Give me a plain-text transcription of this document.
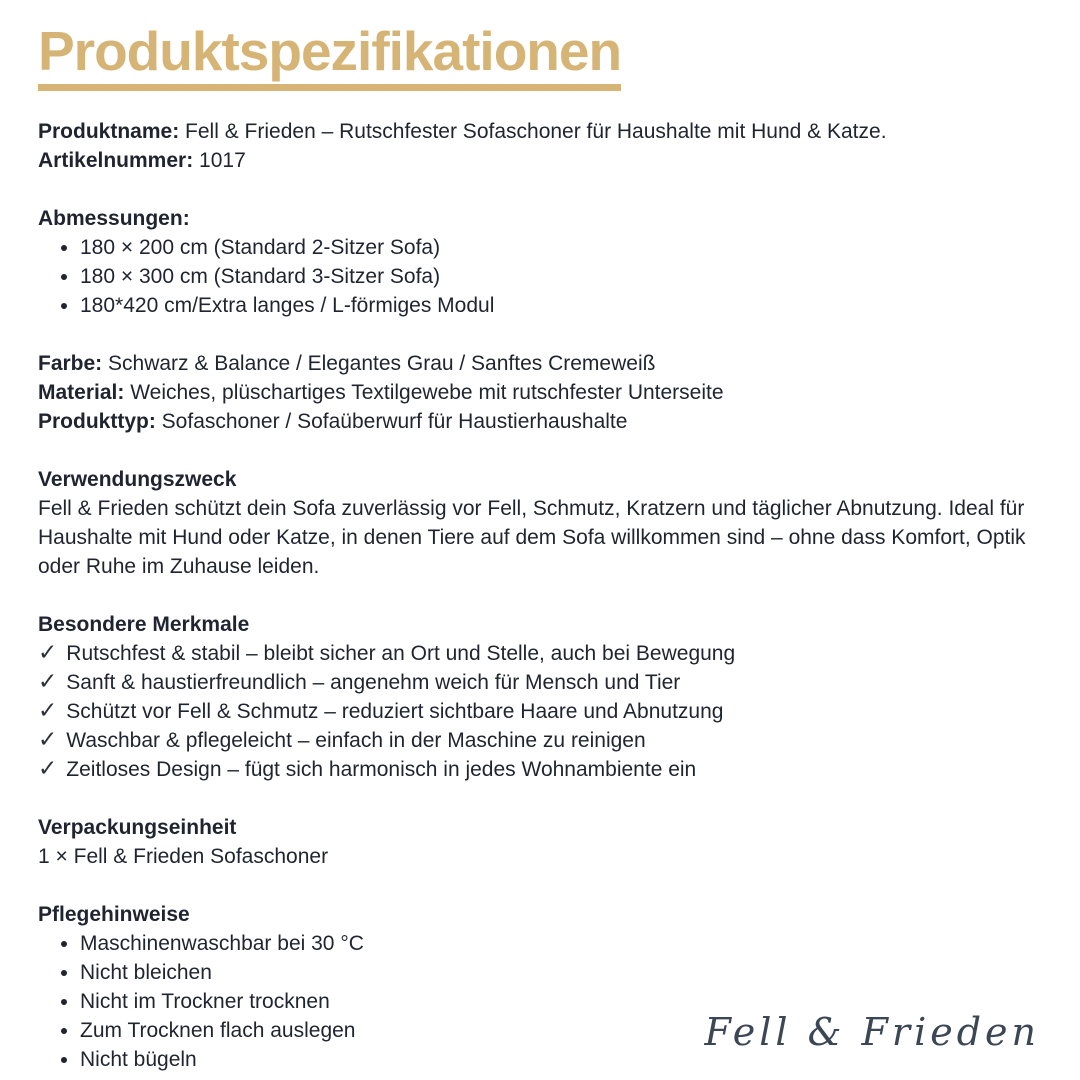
Produktspezifikationen
Produktname: Fell & Frieden – Rutschfester Sofaschoner für Haushalte mit Hund & Katze.
Artikelnummer: 1017
Abmessungen:
• 180 × 200 cm (Standard 2-Sitzer Sofa)
• 180 × 300 cm (Standard 3-Sitzer Sofa)
• 180*420 cm/Extra langes / L-förmiges Modul
Farbe: Schwarz & Balance / Elegantes Grau / Sanftes Cremeweiß
Material: Weiches, plüschartiges Textilgewebe mit rutschfester Unterseite
Produkttyp: Sofaschoner / Sofaüberwurf für Haustierhaushalte
Verwendungszweck
Fell & Frieden schützt dein Sofa zuverlässig vor Fell, Schmutz, Kratzern und täglicher Abnutzung. Ideal für Haushalte mit Hund oder Katze, in denen Tiere auf dem Sofa willkommen sind – ohne dass Komfort, Optik oder Ruhe im Zuhause leiden.
Besondere Merkmale
✓ Rutschfest & stabil – bleibt sicher an Ort und Stelle, auch bei Bewegung
✓ Sanft & haustierfreundlich – angenehm weich für Mensch und Tier
✓ Schützt vor Fell & Schmutz – reduziert sichtbare Haare und Abnutzung
✓ Waschbar & pflegeleicht – einfach in der Maschine zu reinigen
✓ Zeitloses Design – fügt sich harmonisch in jedes Wohnambiente ein
Verpackungseinheit
1 × Fell & Frieden Sofaschoner
Pflegehinweise
• Maschinenwaschbar bei 30 °C
• Nicht bleichen
• Nicht im Trockner trocknen
• Zum Trocknen flach auslegen
• Nicht bügeln
Fell & Frieden
